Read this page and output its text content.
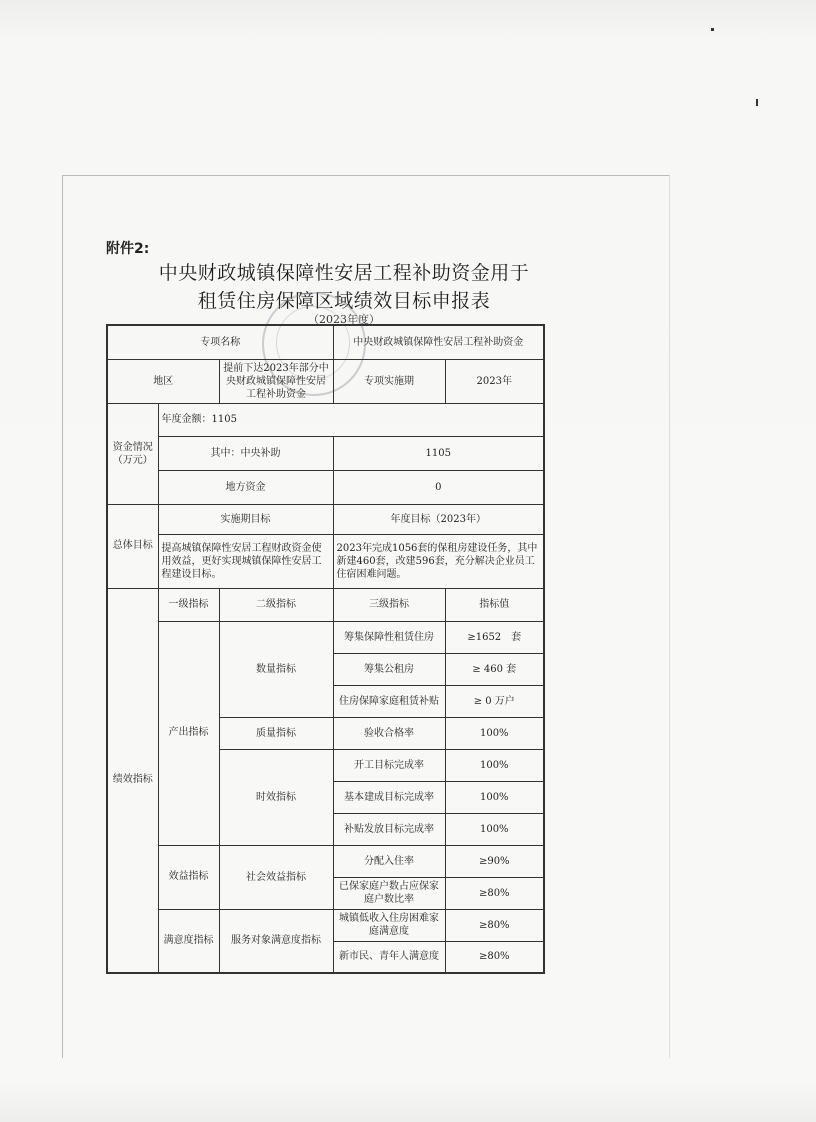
附件2:
中央财政城镇保障性安居工程补助资金用于
租赁住房保障区域绩效目标申报表
（2023年度）
专项名称			中央财政城镇保障性安居工程补助资金	
地区		提前下达2023年部分中央财政城镇保障性安居工程补助资金	专项实施期	2023年
资金情况（万元）	年度金额：1105			
	其中：中央补助		1105	
	地方资金		0	
总体目标	实施期目标		年度目标（2023年）	
	提高城镇保障性安居工程财政资金使用效益，更好实现城镇保障性安居工程建设目标。		2023年完成1056套的保租房建设任务，其中新建460套，改建596套，充分解决企业员工住宿困难问题。	
绩效指标	一级指标	二级指标	三级指标	指标值
	产出指标	数量指标	筹集保障性租赁住房	≥1652　套
			筹集公租房	≥ 460 套
			住房保障家庭租赁补贴	≥ 0 万户
		质量指标	验收合格率	100%
		时效指标	开工目标完成率	100%
			基本建成目标完成率	100%
			补贴发放目标完成率	100%
	效益指标	社会效益指标	分配入住率	≥90%
			已保家庭户数占应保家庭户数比率	≥80%
	满意度指标	服务对象满意度指标	城镇低收入住房困难家庭满意度	≥80%
			新市民、青年人满意度	≥80%
